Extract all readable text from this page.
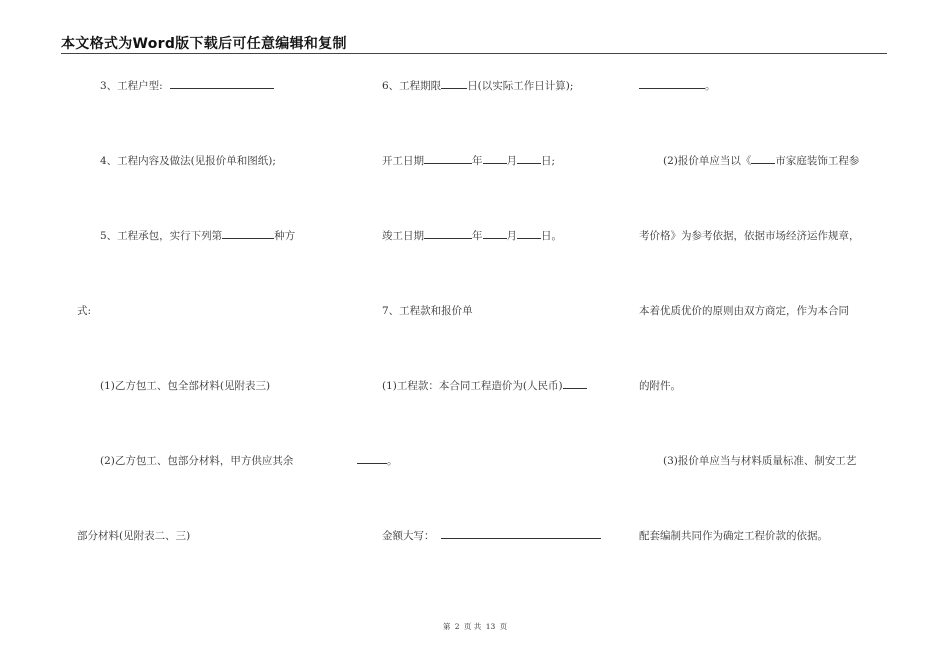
本文格式为Word版下载后可任意编辑和复制
3、工程户型:
4、工程内容及做法(见报价单和图纸);
5、工程承包，实行下列第	种方
式:
(1)乙方包工、包全部材料(见附表三)
(2)乙方包工、包部分材料，甲方供应其余
部分材料(见附表二、三)
6、工程期限 日(以实际工作日计算);
开工日期	年 月 日;
竣工日期	年 月 日。
7、工程款和报价单
(1)工程款：本合同工程造价为(人民币)
。
金额大写：
。
(2)报价单应当以《 市家庭装饰工程参
考价格》为参考依据，依据市场经济运作规章，
本着优质优价的原则由双方商定，作为本合同
的附件。
(3)报价单应当与材料质量标准、制安工艺
配套编制共同作为确定工程价款的依据。
第 2 页 共 13 页
